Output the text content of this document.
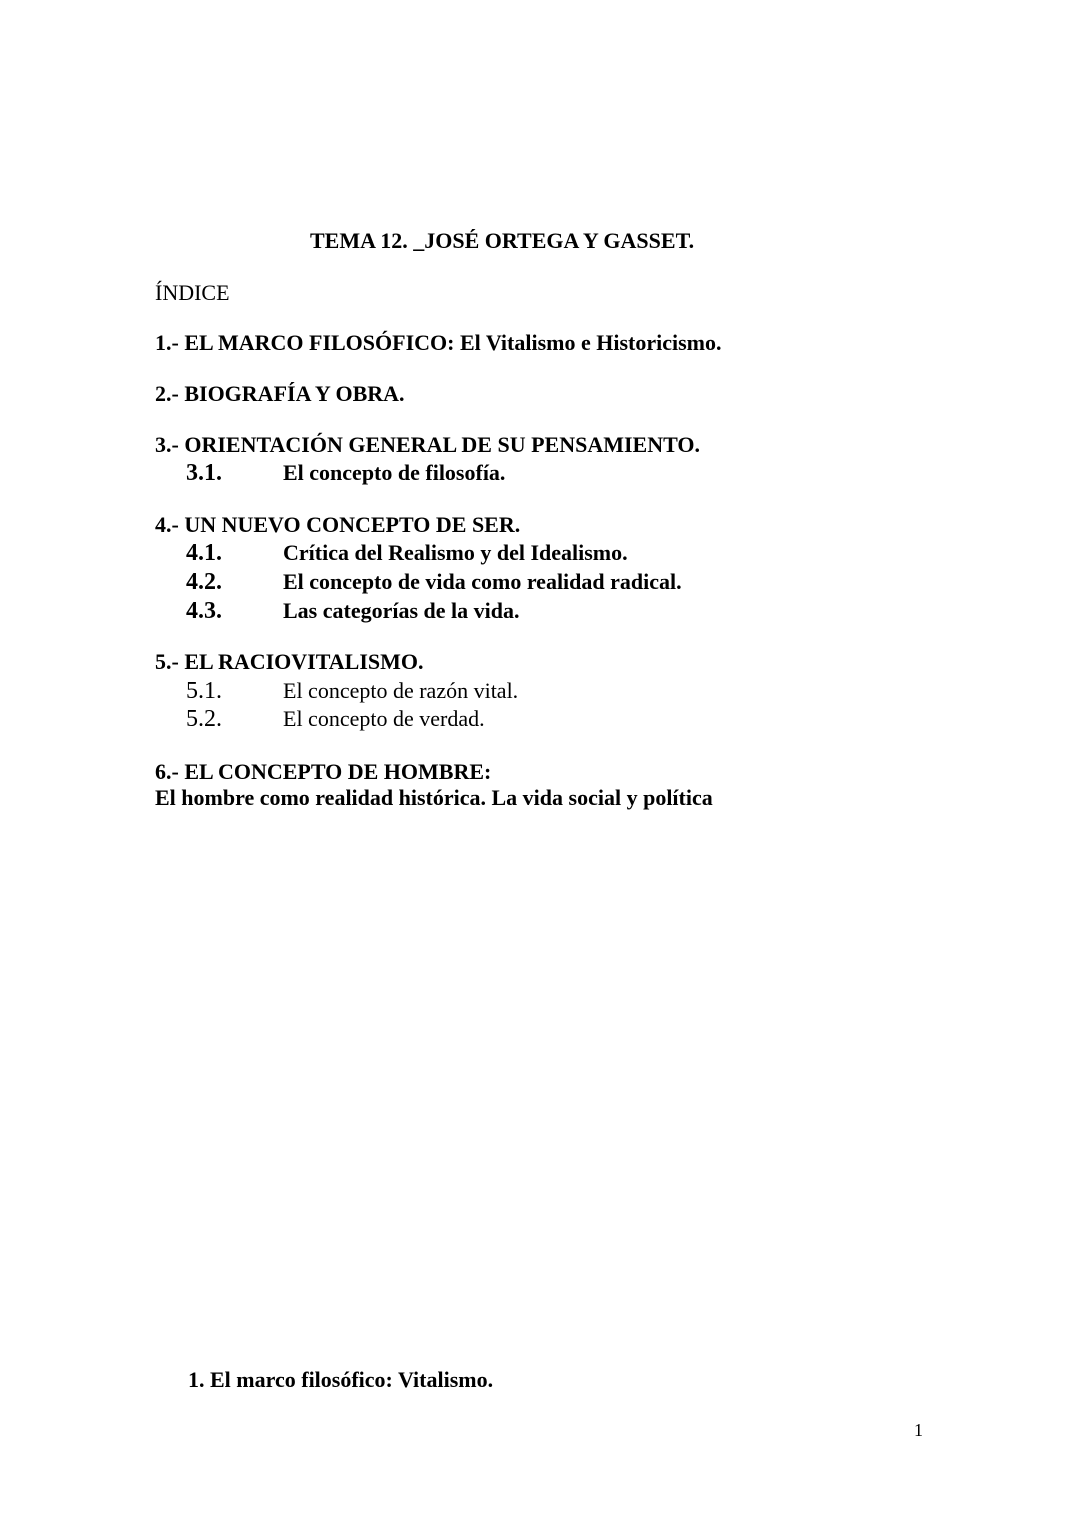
TEMA 12. _JOSÉ ORTEGA Y GASSET.
ÍNDICE
1.- EL MARCO FILOSÓFICO: El Vitalismo e Historicismo.
2.- BIOGRAFÍA Y OBRA.
3.- ORIENTACIÓN GENERAL DE SU PENSAMIENTO.
3.1.	El concepto de filosofía.
4.- UN NUEVO CONCEPTO DE SER.
4.1.	Crítica del Realismo y del Idealismo.
4.2.	El concepto de vida como realidad radical.
4.3.	Las categorías de la vida.
5.- EL RACIOVITALISMO.
5.1.	El concepto de razón vital.
5.2.	El concepto de verdad.
6.- EL CONCEPTO DE HOMBRE:
El hombre como realidad histórica. La vida social y política
1. El marco filosófico: Vitalismo.
1
